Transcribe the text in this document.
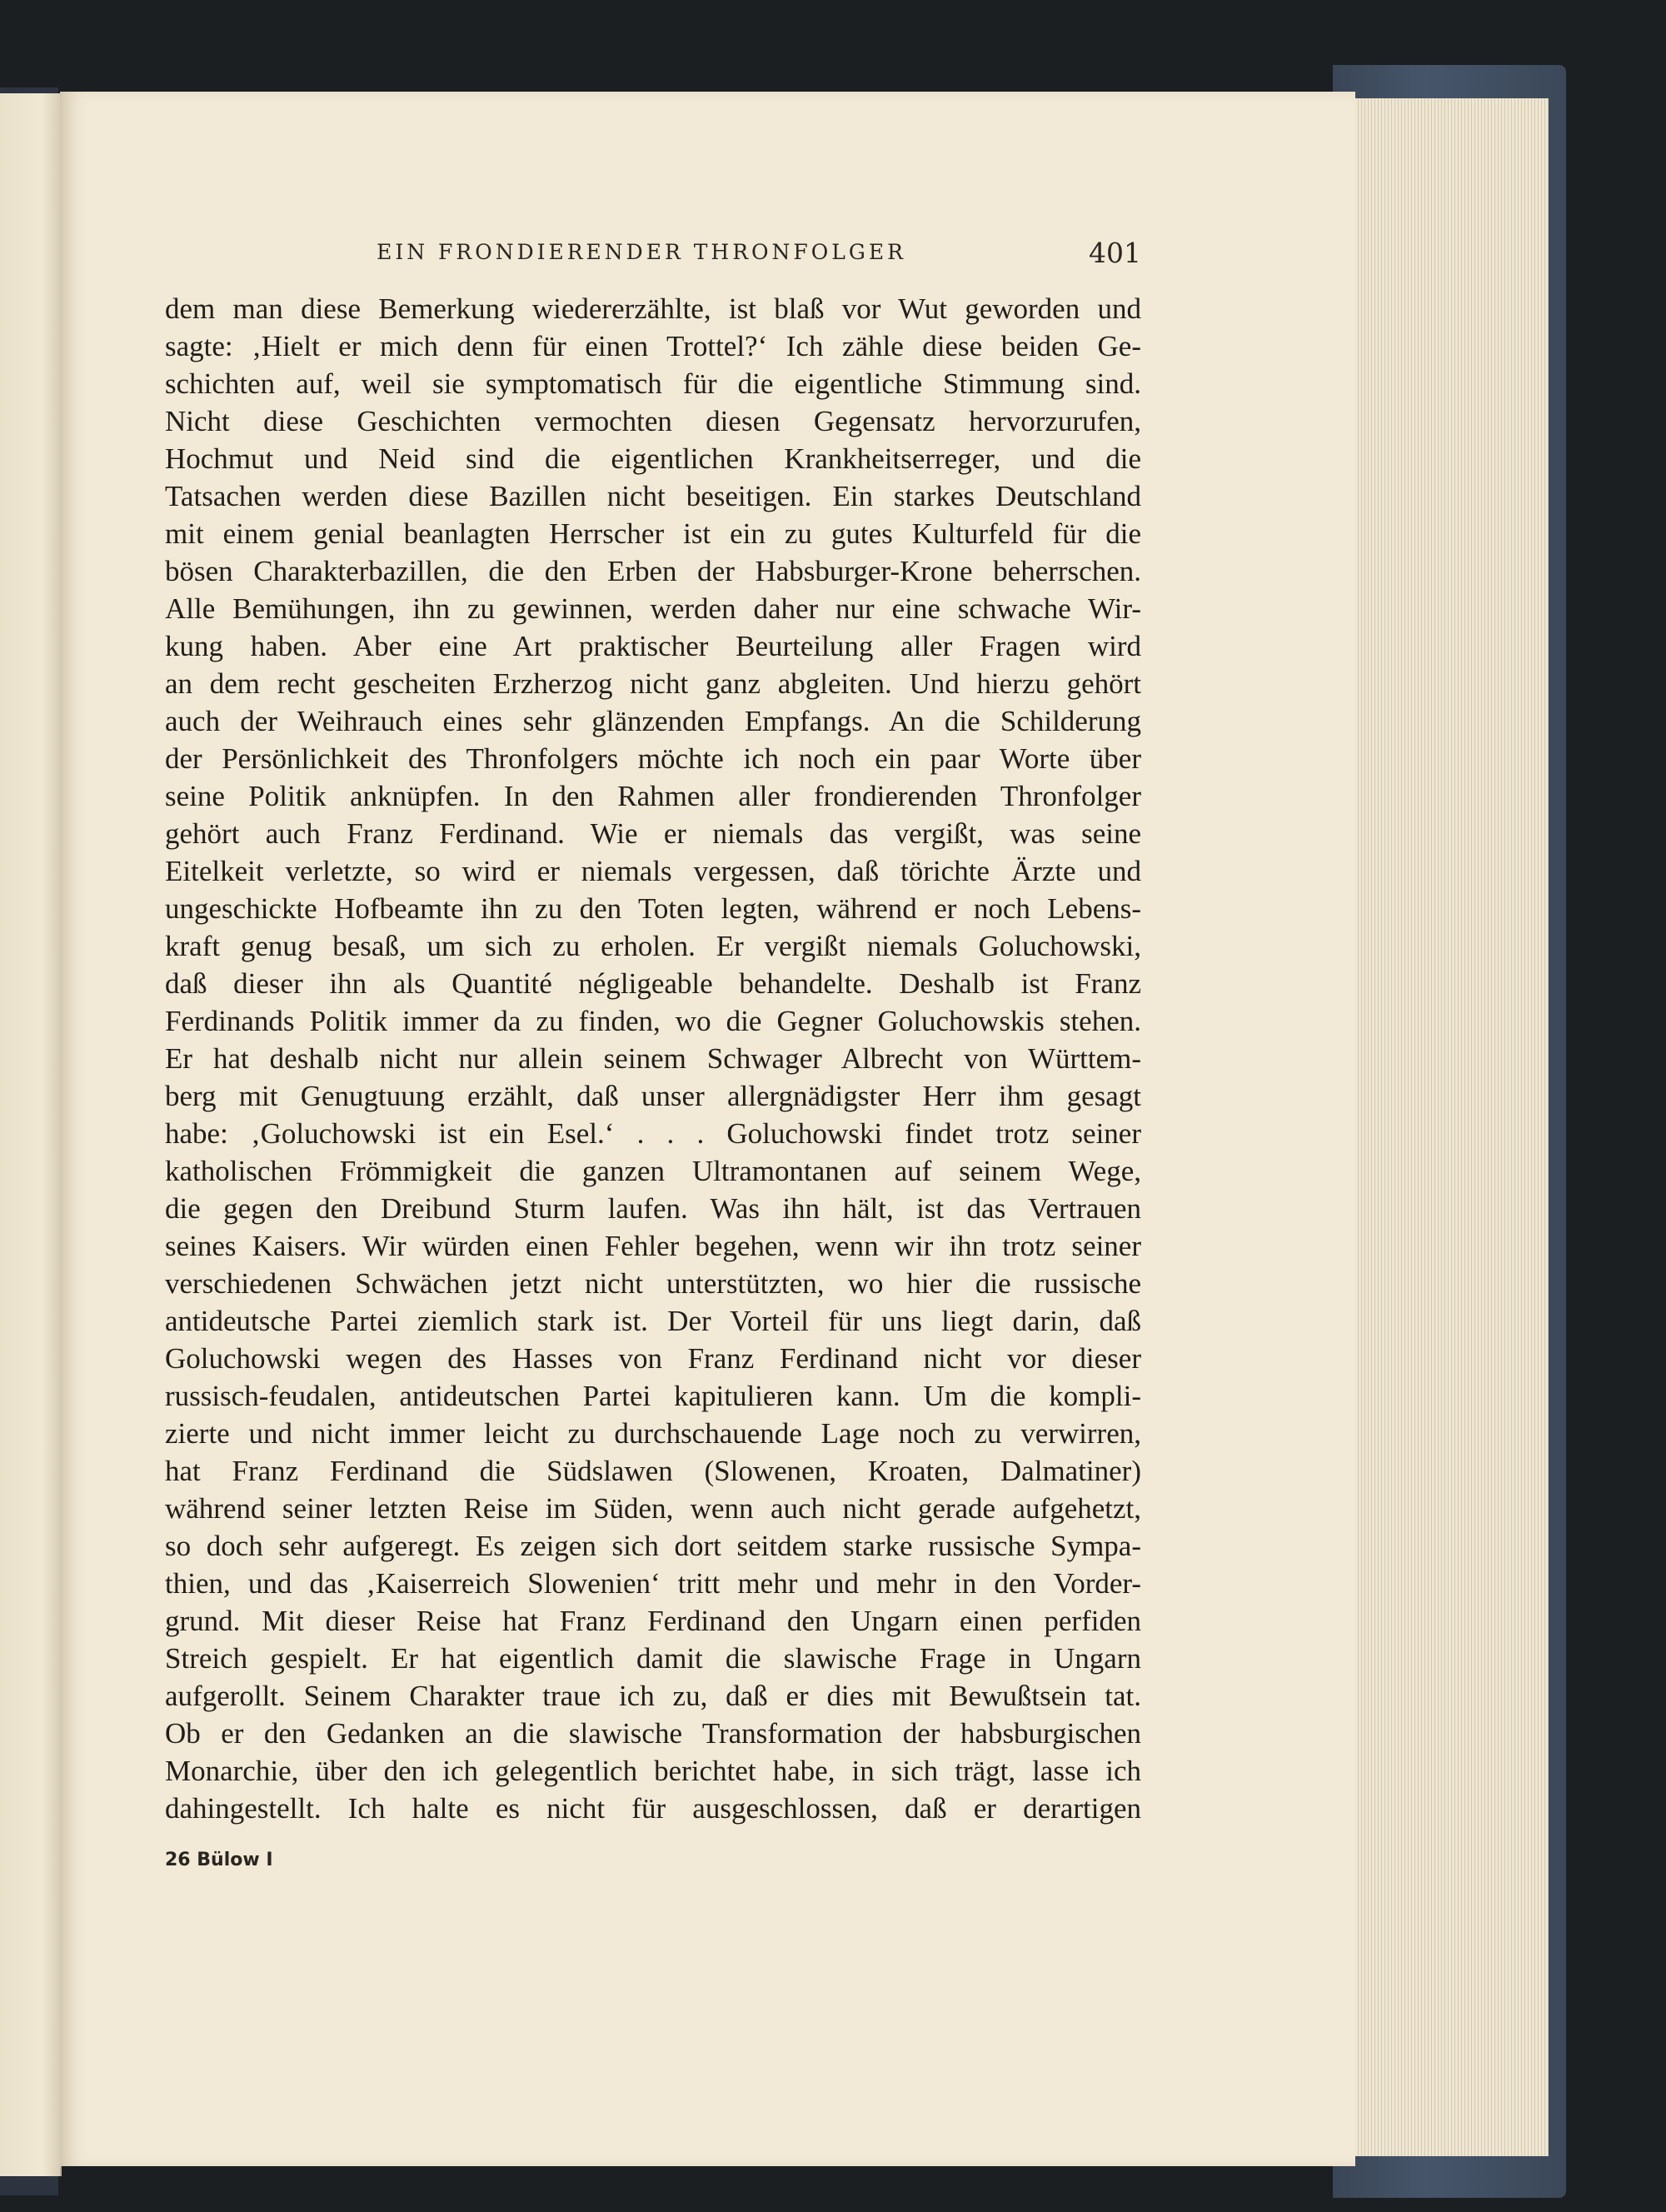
EIN FRONDIERENDER THRONFOLGER	401
dem man diese Bemerkung wiedererzählte, ist blaß vor Wut geworden und
sagte: ‚Hielt er mich denn für einen Trottel?‘ Ich zähle diese beiden Ge-
schichten auf, weil sie symptomatisch für die eigentliche Stimmung sind.
Nicht diese Geschichten vermochten diesen Gegensatz hervorzurufen,
Hochmut und Neid sind die eigentlichen Krankheitserreger, und die
Tatsachen werden diese Bazillen nicht beseitigen. Ein starkes Deutschland
mit einem genial beanlagten Herrscher ist ein zu gutes Kulturfeld für die
bösen Charakterbazillen, die den Erben der Habsburger-Krone beherrschen.
Alle Bemühungen, ihn zu gewinnen, werden daher nur eine schwache Wir-
kung haben. Aber eine Art praktischer Beurteilung aller Fragen wird
an dem recht gescheiten Erzherzog nicht ganz abgleiten. Und hierzu gehört
auch der Weihrauch eines sehr glänzenden Empfangs. An die Schilderung
der Persönlichkeit des Thronfolgers möchte ich noch ein paar Worte über
seine Politik anknüpfen. In den Rahmen aller frondierenden Thronfolger
gehört auch Franz Ferdinand. Wie er niemals das vergißt, was seine
Eitelkeit verletzte, so wird er niemals vergessen, daß törichte Ärzte und
ungeschickte Hofbeamte ihn zu den Toten legten, während er noch Lebens-
kraft genug besaß, um sich zu erholen. Er vergißt niemals Goluchowski,
daß dieser ihn als Quantité négligeable behandelte. Deshalb ist Franz
Ferdinands Politik immer da zu finden, wo die Gegner Goluchowskis stehen.
Er hat deshalb nicht nur allein seinem Schwager Albrecht von Württem-
berg mit Genugtuung erzählt, daß unser allergnädigster Herr ihm gesagt
habe: ‚Goluchowski ist ein Esel.‘ . . . Goluchowski findet trotz seiner
katholischen Frömmigkeit die ganzen Ultramontanen auf seinem Wege,
die gegen den Dreibund Sturm laufen. Was ihn hält, ist das Vertrauen
seines Kaisers. Wir würden einen Fehler begehen, wenn wir ihn trotz seiner
verschiedenen Schwächen jetzt nicht unterstützten, wo hier die russische
antideutsche Partei ziemlich stark ist. Der Vorteil für uns liegt darin, daß
Goluchowski wegen des Hasses von Franz Ferdinand nicht vor dieser
russisch-feudalen, antideutschen Partei kapitulieren kann. Um die kompli-
zierte und nicht immer leicht zu durchschauende Lage noch zu verwirren,
hat Franz Ferdinand die Südslawen (Slowenen, Kroaten, Dalmatiner)
während seiner letzten Reise im Süden, wenn auch nicht gerade aufgehetzt,
so doch sehr aufgeregt. Es zeigen sich dort seitdem starke russische Sympa-
thien, und das ‚Kaiserreich Slowenien‘ tritt mehr und mehr in den Vorder-
grund. Mit dieser Reise hat Franz Ferdinand den Ungarn einen perfiden
Streich gespielt. Er hat eigentlich damit die slawische Frage in Ungarn
aufgerollt. Seinem Charakter traue ich zu, daß er dies mit Bewußtsein tat.
Ob er den Gedanken an die slawische Transformation der habsburgischen
Monarchie, über den ich gelegentlich berichtet habe, in sich trägt, lasse ich
dahingestellt. Ich halte es nicht für ausgeschlossen, daß er derartigen
26 Bülow I
